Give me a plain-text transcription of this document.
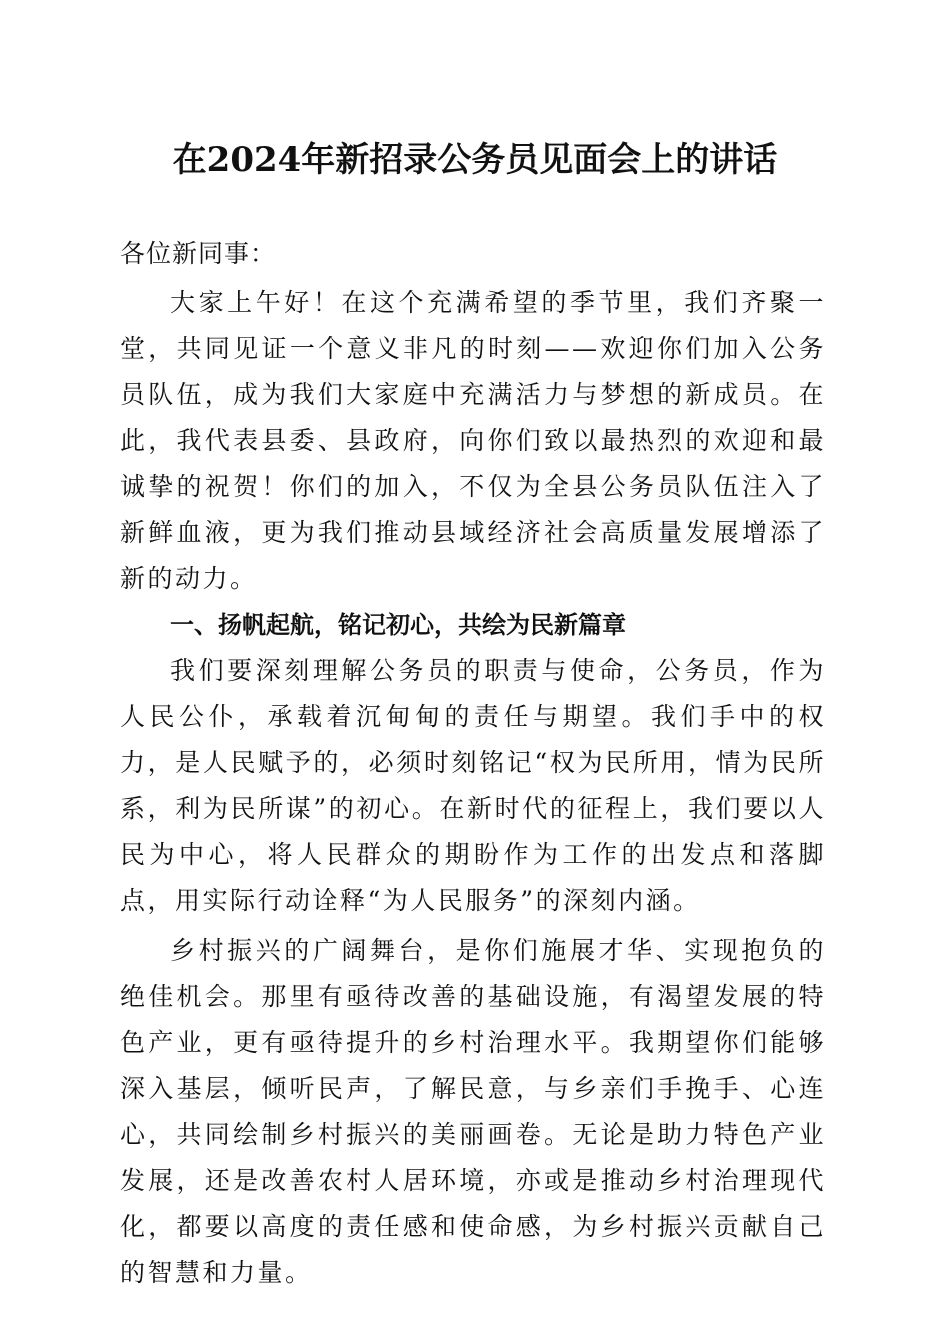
在2024年新招录公务员见面会上的讲话

各位新同事：

大家上午好！在这个充满希望的季节里，我们齐聚一堂，共同见证一个意义非凡的时刻——欢迎你们加入公务员队伍，成为我们大家庭中充满活力与梦想的新成员。在此，我代表县委、县政府，向你们致以最热烈的欢迎和最诚挚的祝贺！你们的加入，不仅为全县公务员队伍注入了新鲜血液，更为我们推动县域经济社会高质量发展增添了新的动力。

一、扬帆起航，铭记初心，共绘为民新篇章

我们要深刻理解公务员的职责与使命，公务员，作为人民公仆，承载着沉甸甸的责任与期望。我们手中的权力，是人民赋予的，必须时刻铭记“权为民所用，情为民所系，利为民所谋”的初心。在新时代的征程上，我们要以人民为中心，将人民群众的期盼作为工作的出发点和落脚点，用实际行动诠释“为人民服务”的深刻内涵。

乡村振兴的广阔舞台，是你们施展才华、实现抱负的绝佳机会。那里有亟待改善的基础设施，有渴望发展的特色产业，更有亟待提升的乡村治理水平。我期望你们能够深入基层，倾听民声，了解民意，与乡亲们手挽手、心连心，共同绘制乡村振兴的美丽画卷。无论是助力特色产业发展，还是改善农村人居环境，亦或是推动乡村治理现代化，都要以高度的责任感和使命感，为乡村振兴贡献自己的智慧和力量。
